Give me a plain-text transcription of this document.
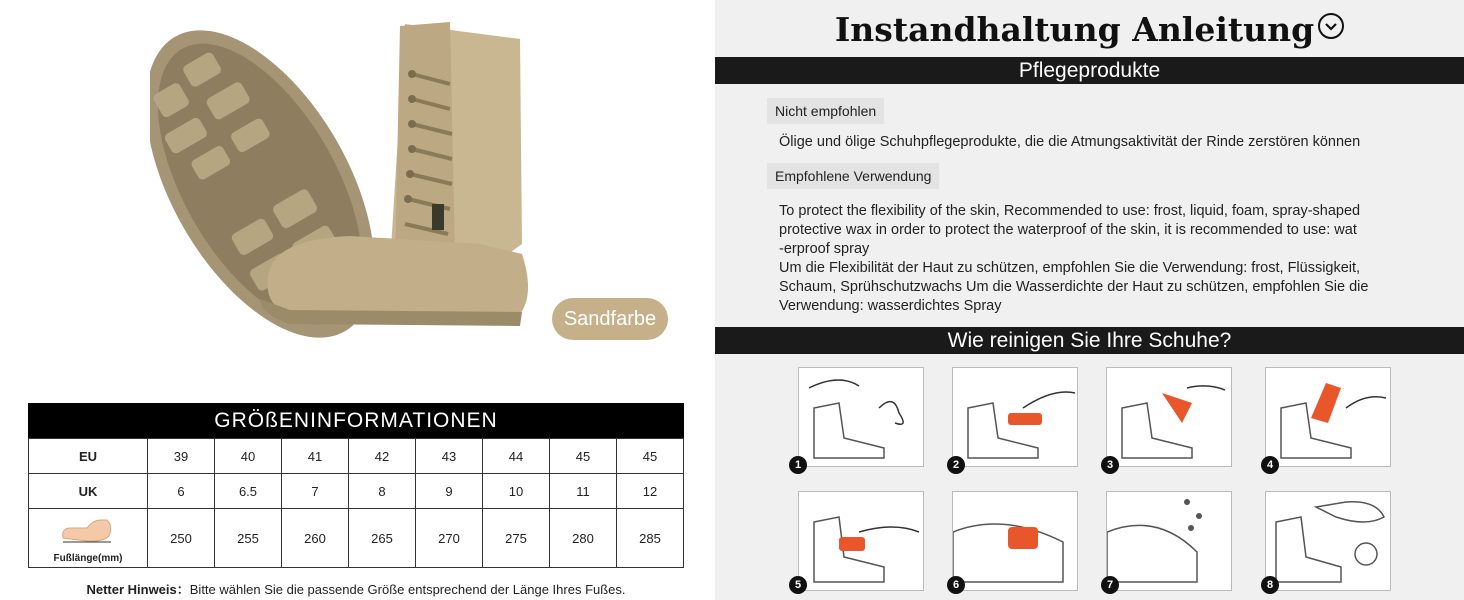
Sandfarbe
GRÖßENINFORMATIONEN
EU	39	40	41	42	43	44	45	45
UK	6	6.5	7	8	9	10	11	12

Fußlänge(mm)	250	255	260	265	270	275	280	285
Netter Hinweis：Bitte wählen Sie die passende Größe entsprechend der Länge Ihres Fußes.
Instandhaltung Anleitung
Pflegeprodukte
Wie reinigen Sie Ihre Schuhe?
Nicht empfohlen
Ölige und ölige Schuhpflegeprodukte, die die Atmungsaktivität der Rinde zerstören können
Empfohlene Verwendung
To protect the flexibility of the skin, Recommended to use: frost, liquid, foam, spray-shaped
protective wax in order to protect the waterproof of the skin, it is recommended to use: wat
-erproof spray
Um die Flexibilität der Haut zu schützen, empfohlen Sie die Verwendung: frost, Flüssigkeit,
Schaum, Sprühschutzwachs Um die Wasserdichte der Haut zu schützen, empfohlen Sie die
Verwendung: wasserdichtes Spray
1	2	3	4
5	6	7	8
